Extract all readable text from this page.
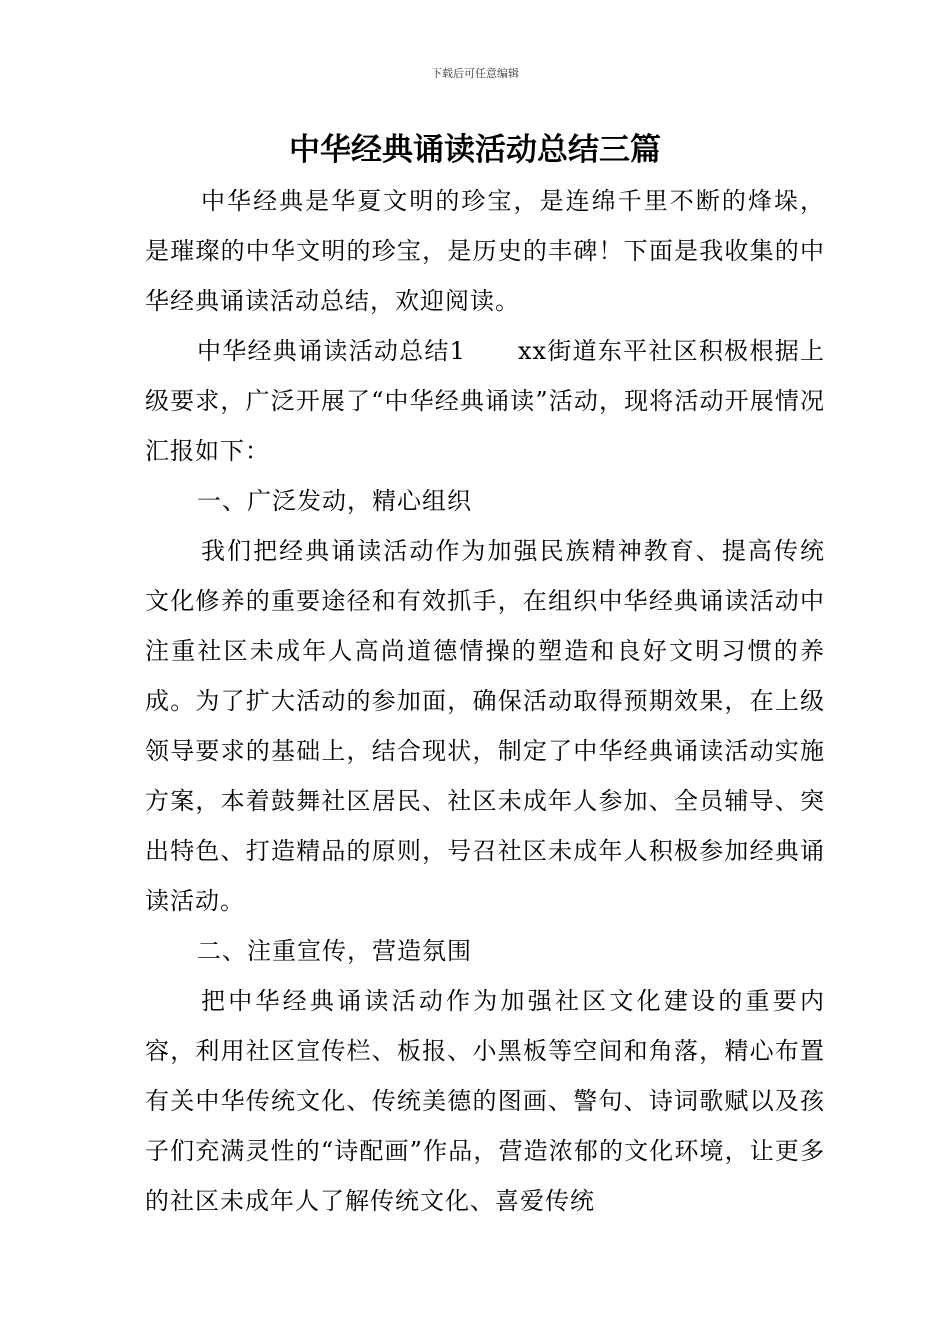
下载后可任意编辑
中华经典诵读活动总结三篇

中华经典是华夏文明的珍宝，是连绵千里不断的烽垛，是璀璨的中华文明的珍宝，是历史的丰碑！下面是我收集的中华经典诵读活动总结，欢迎阅读。

中华经典诵读活动总结1 xx街道东平社区积极根据上级要求，广泛开展了“中华经典诵读”活动，现将活动开展情况汇报如下：

一、广泛发动，精心组织

我们把经典诵读活动作为加强民族精神教育、提高传统文化修养的重要途径和有效抓手，在组织中华经典诵读活动中注重社区未成年人高尚道德情操的塑造和良好文明习惯的养成。为了扩大活动的参加面，确保活动取得预期效果，在上级领导要求的基础上，结合现状，制定了中华经典诵读活动实施方案，本着鼓舞社区居民、社区未成年人参加、全员辅导、突出特色、打造精品的原则，号召社区未成年人积极参加经典诵读活动。

二、注重宣传，营造氛围

把中华经典诵读活动作为加强社区文化建设的重要内容，利用社区宣传栏、板报、小黑板等空间和角落，精心布置有关中华传统文化、传统美德的图画、警句、诗词歌赋以及孩子们充满灵性的“诗配画”作品，营造浓郁的文化环境，让更多的社区未成年人了解传统文化、喜爱传统
